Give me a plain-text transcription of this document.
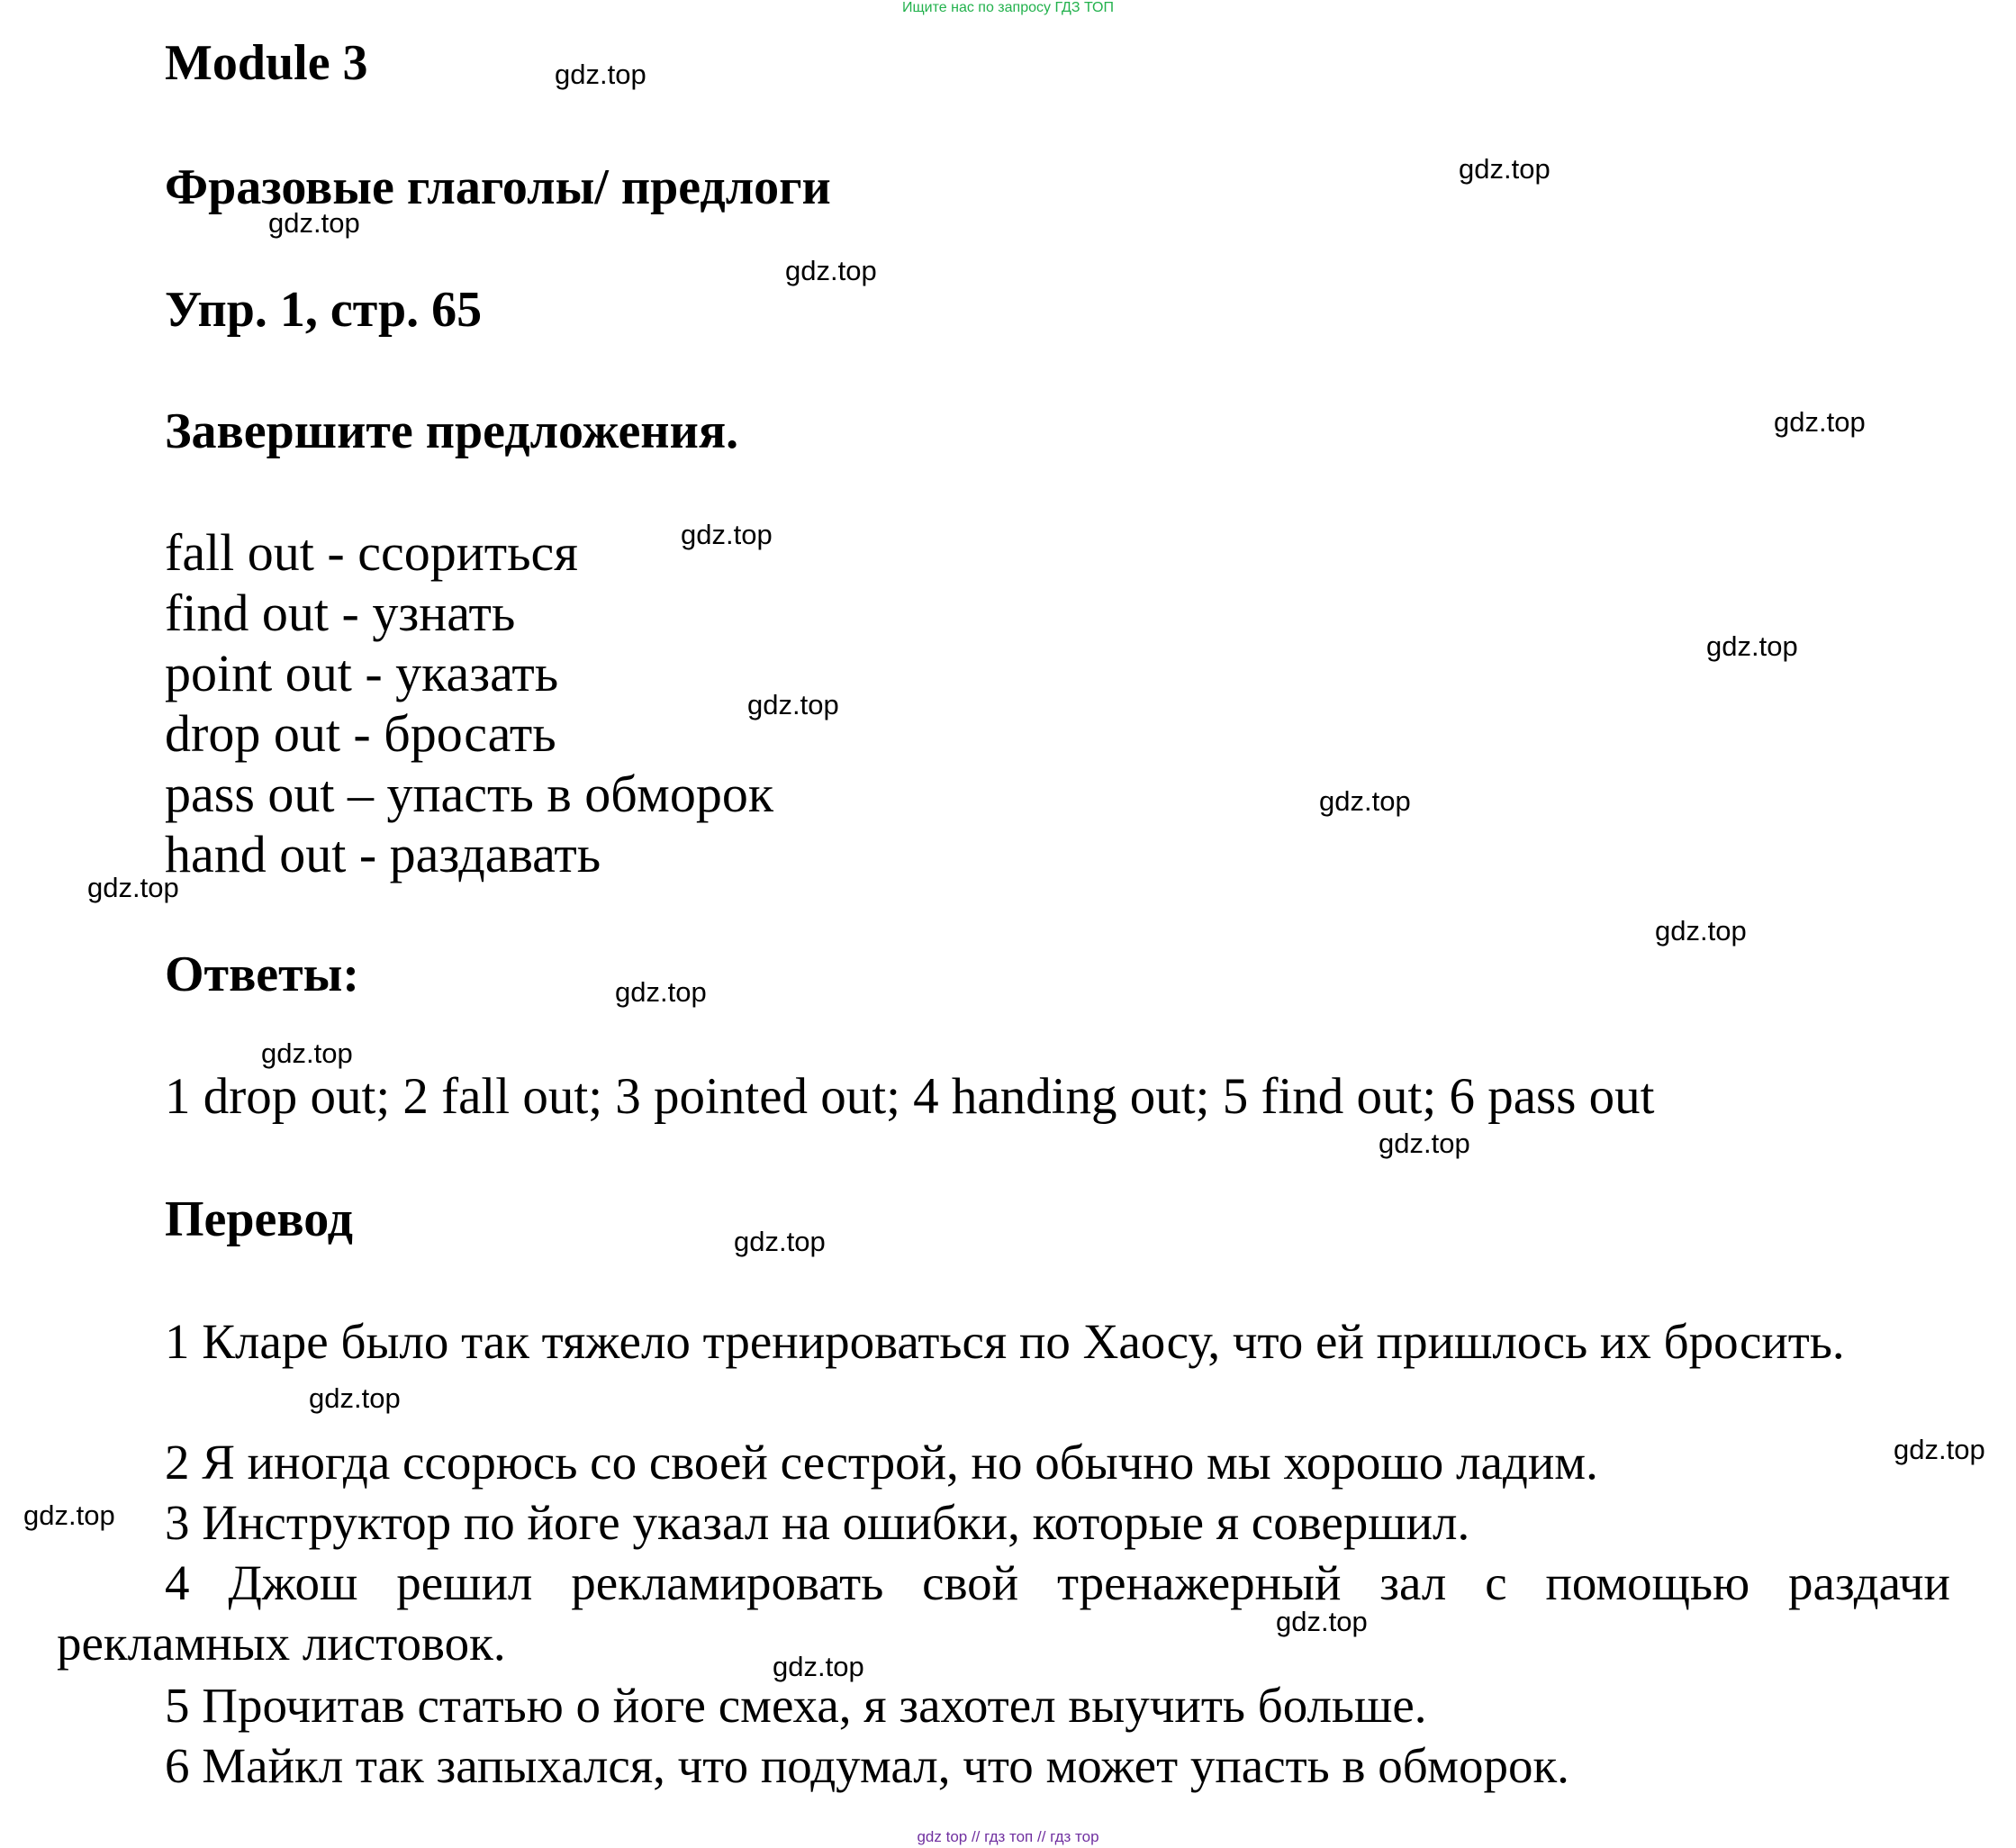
Ищите нас по запросу ГДЗ ТОП
Module 3
Фразовые глаголы/ предлоги
Упр. 1, стр. 65
Завершите предложения.
fall out - ссориться
find out - узнать
point out - указать
drop out - бросать
pass out – упасть в обморок
hand out - раздавать
Ответы:
1 drop out; 2 fall out; 3 pointed out; 4 handing out; 5 find out; 6 pass out
Перевод
1 Кларе было так тяжело тренироваться по Хаосу, что ей пришлось их бросить.
2 Я иногда ссорюсь со своей сестрой, но обычно мы хорошо ладим.
3 Инструктор по йоге указал на ошибки, которые я совершил.
4 Джош решил рекламировать свой тренажерный зал с помощью раздачи рекламных листовок.
5 Прочитав статью о йоге смеха, я захотел выучить больше.
6 Майкл так запыхался, что подумал, что может упасть в обморок.
gdz.top
gdz.top
gdz.top
gdz.top
gdz.top
gdz.top
gdz.top
gdz.top
gdz.top
gdz.top
gdz.top
gdz.top
gdz.top
gdz.top
gdz.top
gdz.top
gdz.top
gdz.top
gdz.top
gdz.top
gdz top // гдз топ // гдз тор
